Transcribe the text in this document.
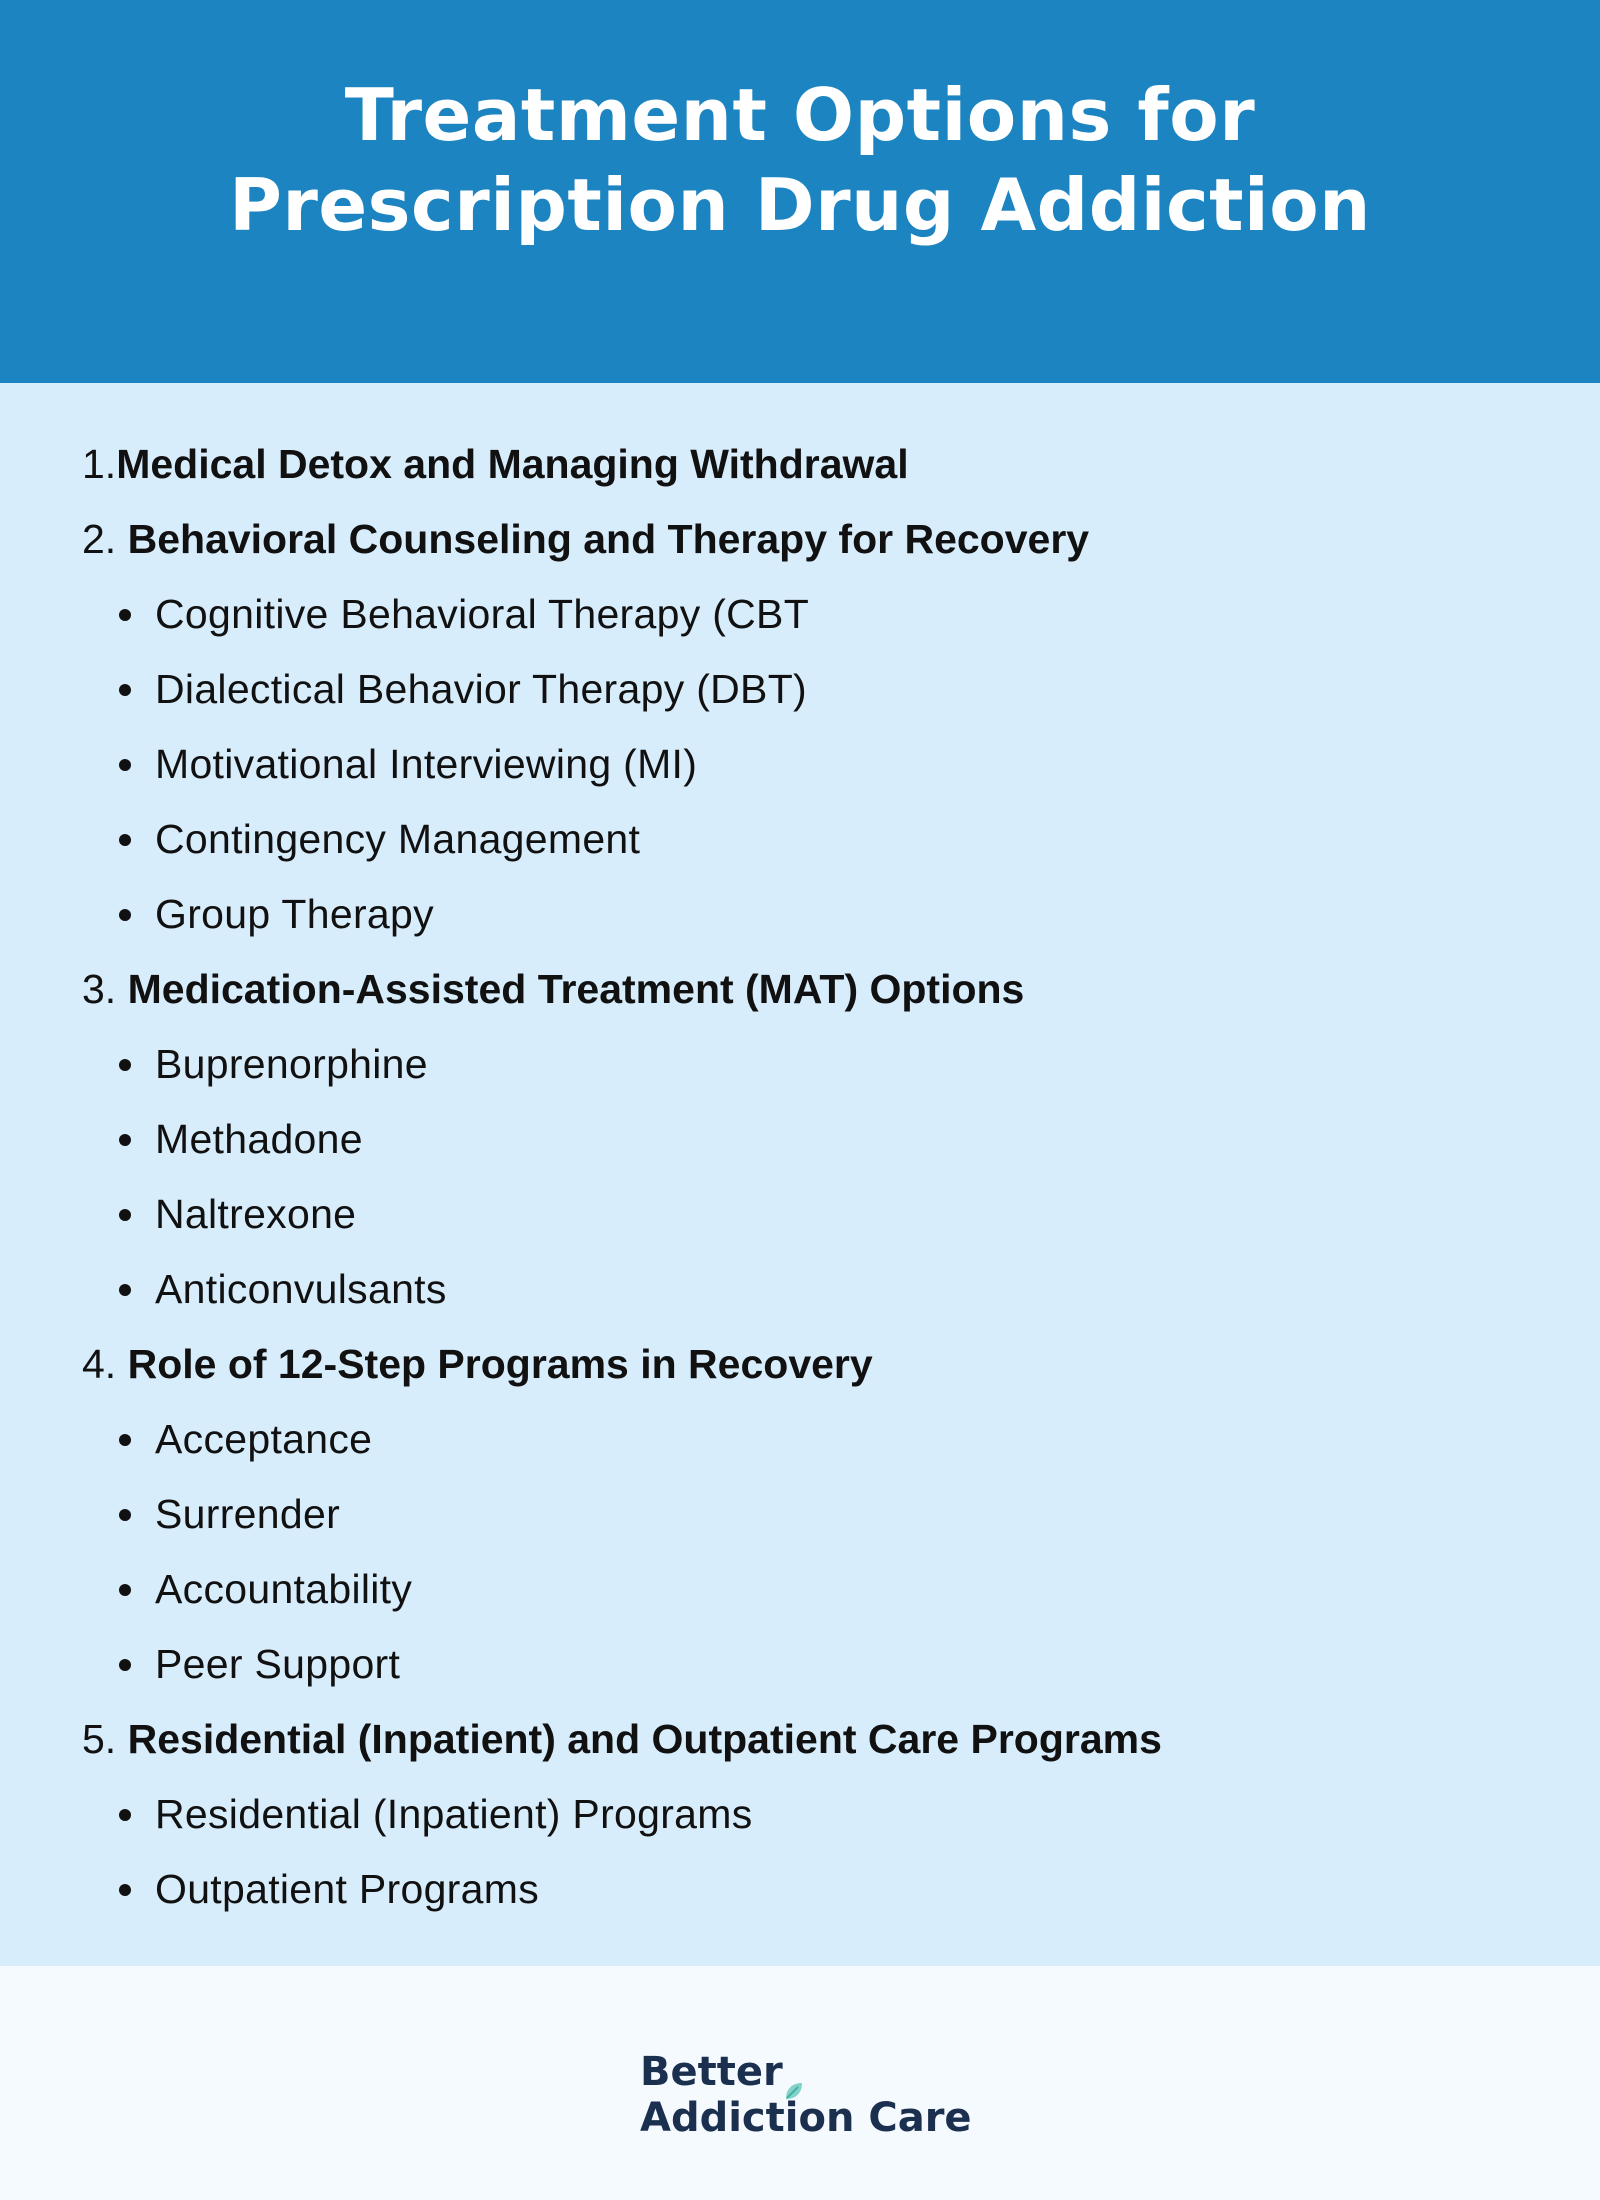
Treatment Options for
Prescription Drug Addiction
1.Medical Detox and Managing Withdrawal
2. Behavioral Counseling and Therapy for Recovery
Cognitive Behavioral Therapy (CBT
Dialectical Behavior Therapy (DBT)
Motivational Interviewing (MI)
Contingency Management
Group Therapy
3. Medication-Assisted Treatment (MAT) Options
Buprenorphine
Methadone
Naltrexone
Anticonvulsants
4. Role of 12-Step Programs in Recovery
Acceptance
Surrender
Accountability
Peer Support
5. Residential (Inpatient) and Outpatient Care Programs
Residential (Inpatient) Programs
Outpatient Programs
Better
Addiction Care
